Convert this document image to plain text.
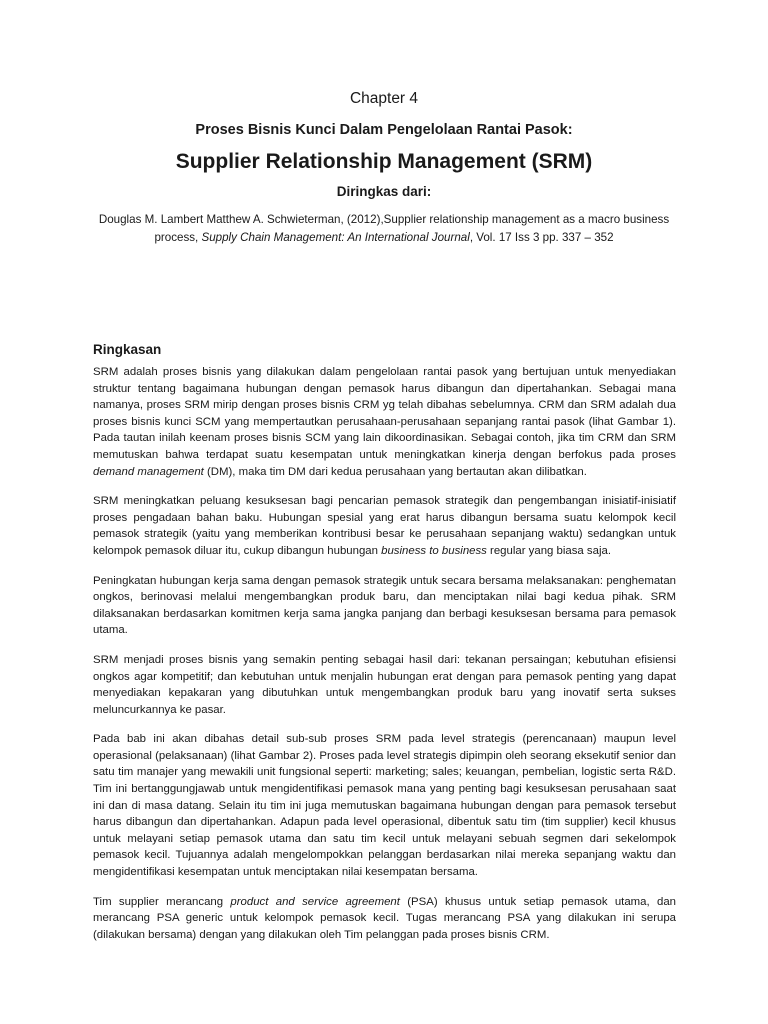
Chapter 4
Proses Bisnis Kunci Dalam Pengelolaan Rantai Pasok:
Supplier Relationship Management (SRM)
Diringkas dari:
Douglas M. Lambert Matthew A. Schwieterman, (2012),Supplier relationship management as a macro business process, Supply Chain Management: An International Journal, Vol. 17 Iss 3 pp. 337 – 352
Ringkasan

SRM adalah proses bisnis yang dilakukan dalam pengelolaan rantai pasok yang bertujuan untuk menyediakan struktur tentang bagaimana hubungan dengan pemasok harus dibangun dan dipertahankan. Sebagai mana namanya, proses SRM mirip dengan proses bisnis CRM yg telah dibahas sebelumnya. CRM dan SRM adalah dua proses bisnis kunci SCM yang mempertautkan perusahaan-perusahaan sepanjang rantai pasok (lihat Gambar 1). Pada tautan inilah keenam proses bisnis SCM yang lain dikoordinasikan. Sebagai contoh, jika tim CRM dan SRM memutuskan bahwa terdapat suatu kesempatan untuk meningkatkan kinerja dengan berfokus pada proses demand management (DM), maka tim DM dari kedua perusahaan yang bertautan akan dilibatkan.

SRM meningkatkan peluang kesuksesan bagi pencarian pemasok strategik dan pengembangan inisiatif-inisiatif proses pengadaan bahan baku. Hubungan spesial yang erat harus dibangun bersama suatu kelompok kecil pemasok strategik (yaitu yang memberikan kontribusi besar ke perusahaan sepanjang waktu) sedangkan untuk kelompok pemasok diluar itu, cukup dibangun hubungan business to business regular yang biasa saja.

Peningkatan hubungan kerja sama dengan pemasok strategik untuk secara bersama melaksanakan: penghematan ongkos, berinovasi melalui mengembangkan produk baru, dan menciptakan nilai bagi kedua pihak. SRM dilaksanakan berdasarkan komitmen kerja sama jangka panjang dan berbagi kesuksesan bersama para pemasok utama.

SRM menjadi proses bisnis yang semakin penting sebagai hasil dari: tekanan persaingan; kebutuhan efisiensi ongkos agar kompetitif; dan kebutuhan untuk menjalin hubungan erat dengan para pemasok penting yang dapat menyediakan kepakaran yang dibutuhkan untuk mengembangkan produk baru yang inovatif serta sukses meluncurkannya ke pasar.

Pada bab ini akan dibahas detail sub-sub proses SRM pada level strategis (perencanaan) maupun level operasional (pelaksanaan) (lihat Gambar 2). Proses pada level strategis dipimpin oleh seorang eksekutif senior dan satu tim manajer yang mewakili unit fungsional seperti: marketing; sales; keuangan, pembelian, logistic serta R&D. Tim ini bertanggungjawab untuk mengidentifikasi pemasok mana yang penting bagi kesuksesan perusahaan saat ini dan di masa datang. Selain itu tim ini juga memutuskan bagaimana hubungan dengan para pemasok tersebut harus dibangun dan dipertahankan. Adapun pada level operasional, dibentuk satu tim (tim supplier) kecil khusus untuk melayani setiap pemasok utama dan satu tim kecil untuk melayani sebuah segmen dari sekelompok pemasok kecil. Tujuannya adalah mengelompokkan pelanggan berdasarkan nilai mereka sepanjang waktu dan mengidentifikasi kesempatan untuk menciptakan nilai kesempatan bersama.

Tim supplier merancang product and service agreement (PSA) khusus untuk setiap pemasok utama, dan merancang PSA generic untuk kelompok pemasok kecil. Tugas merancang PSA yang dilakukan ini serupa (dilakukan bersama) dengan yang dilakukan oleh Tim pelanggan pada proses bisnis CRM.
